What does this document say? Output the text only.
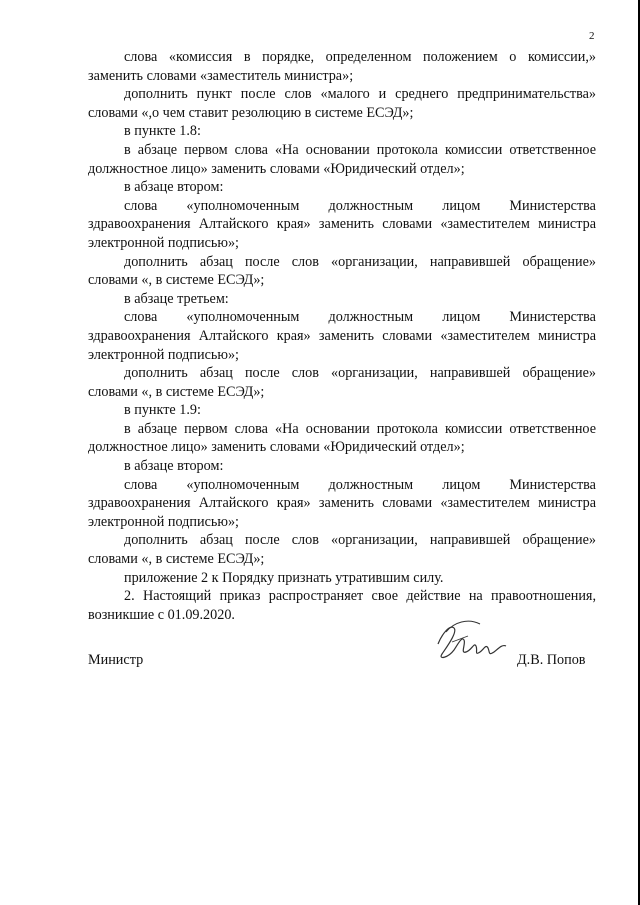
2

слова «комиссия в порядке, определенном положением о комиссии,» заменить словами «заместитель министра»;

дополнить пункт после слов «малого и среднего предпринимательства» словами «,о чем ставит резолюцию в системе ЕСЭД»;

в пункте 1.8:

в абзаце первом слова «На основании протокола комиссии ответственное должностное лицо» заменить словами «Юридический отдел»;

в абзаце втором:

слова «уполномоченным должностным лицом Министерства здравоохранения Алтайского края» заменить словами «заместителем министра электронной подписью»;

дополнить абзац после слов «организации, направившей обращение» словами «, в системе ЕСЭД»;

в абзаце третьем:

слова «уполномоченным должностным лицом Министерства здравоохранения Алтайского края» заменить словами «заместителем министра электронной подписью»;

дополнить абзац после слов «организации, направившей обращение» словами «, в системе ЕСЭД»;

в пункте 1.9:

в абзаце первом слова «На основании протокола комиссии ответственное должностное лицо» заменить словами «Юридический отдел»;

в абзаце втором:

слова «уполномоченным должностным лицом Министерства здравоохранения Алтайского края» заменить словами «заместителем министра электронной подписью»;

дополнить абзац после слов «организации, направившей обращение» словами «, в системе ЕСЭД»;

приложение 2 к Порядку признать утратившим силу.

2. Настоящий приказ распространяет свое действие на правоотношения, возникшие с 01.09.2020.

Министр	Д.В. Попов
